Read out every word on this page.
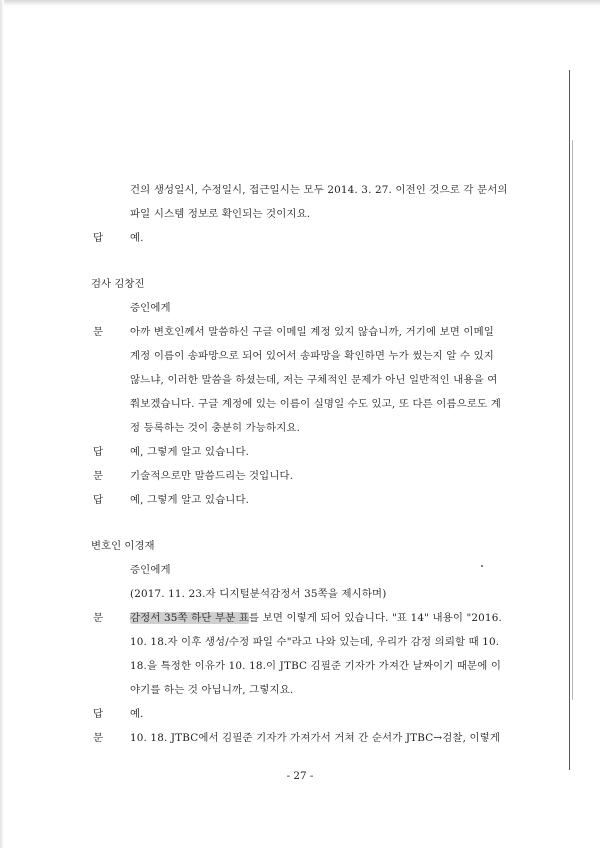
건의 생성일시, 수정일시, 접근일시는 모두 2014. 3. 27. 이전인 것으로 각 문서의
파일 시스템 정보로 확인되는 것이지요.
답	예.
검사 김창진
증인에게
문	아까 변호인께서 말씀하신 구글 이메일 계정 있지 않습니까, 거기에 보면 이메일
계정 이름이 송파망으로 되어 있어서 송파망을 확인하면 누가 썼는지 알 수 있지
않느냐, 이러한 말씀을 하셨는데, 저는 구체적인 문제가 아닌 일반적인 내용을 여
쭤보겠습니다. 구글 계정에 있는 이름이 실명일 수도 있고, 또 다른 이름으로도 계
정 등록하는 것이 충분히 가능하지요.
답	예, 그렇게 알고 있습니다.
문	기술적으로만 말씀드리는 것입니다.
답	예, 그렇게 알고 있습니다.
변호인 이경재
증인에게
(2017. 11. 23.자 디지털분석감정서 35쪽을 제시하며)
문	감정서 35쪽 하단 부분 표를 보면 이렇게 되어 있습니다. "표 14" 내용이 "2016.
10. 18.자 이후 생성/수정 파일 수"라고 나와 있는데, 우리가 감정 의뢰할 때 10.
18.을 특정한 이유가 10. 18.이 JTBC 김필준 기자가 가져간 날짜이기 때문에 이
야기를 하는 것 아닙니까, 그렇지요.
답	예.
문	10. 18. JTBC에서 김필준 기자가 가져가서 거쳐 간 순서가 JTBC→검찰, 이렇게
- 27 -
